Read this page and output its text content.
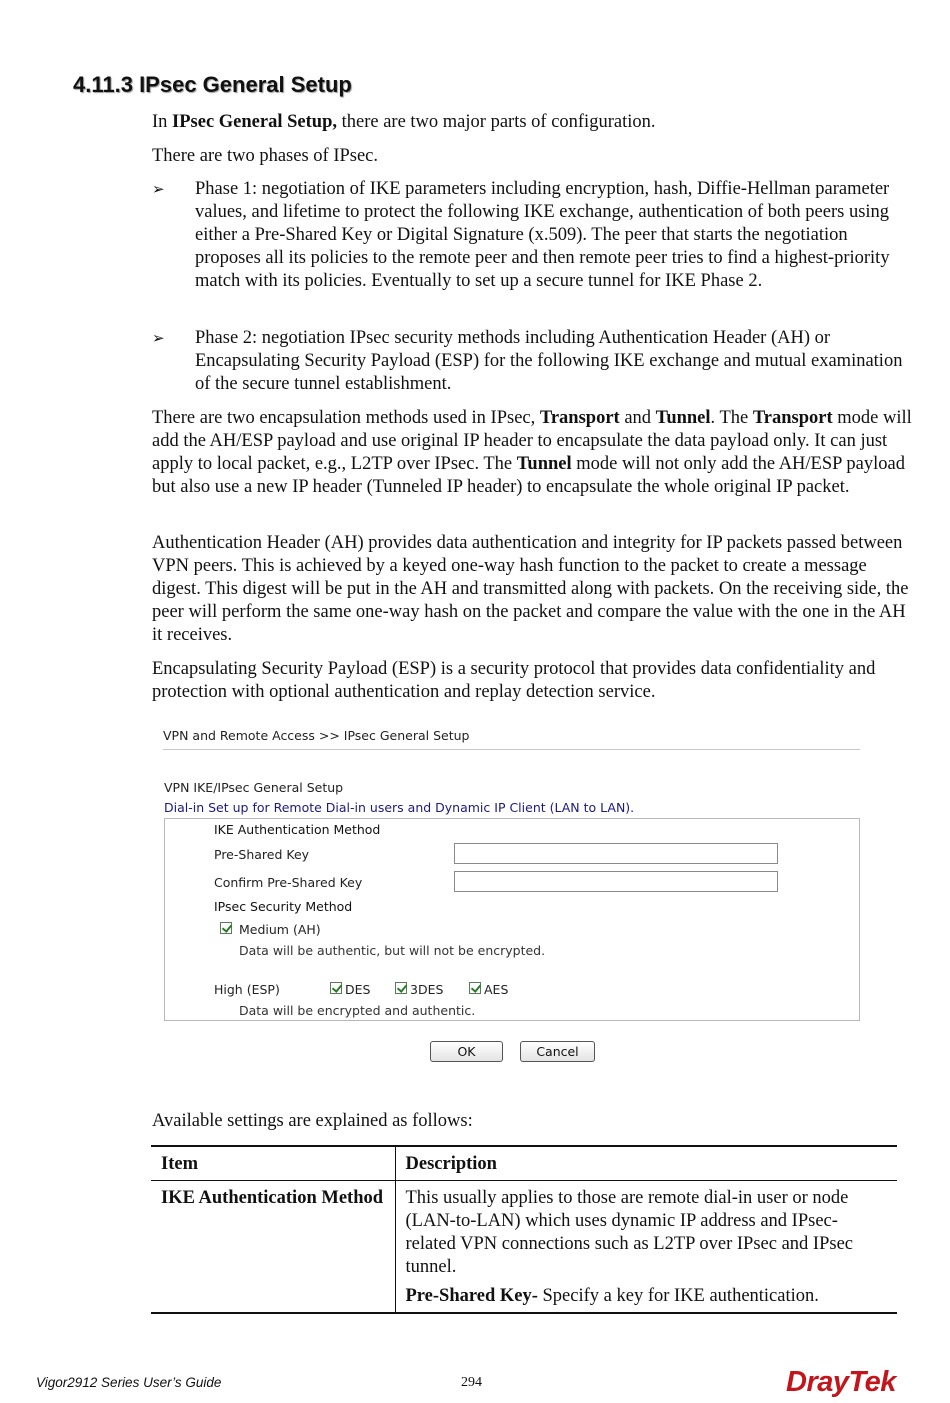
4.11.3 IPsec General Setup

In IPsec General Setup, there are two major parts of configuration.

There are two phases of IPsec.

➢ Phase 1: negotiation of IKE parameters including encryption, hash, Diffie-Hellman parameter values, and lifetime to protect the following IKE exchange, authentication of both peers using either a Pre-Shared Key or Digital Signature (x.509). The peer that starts the negotiation proposes all its policies to the remote peer and then remote peer tries to find a highest-priority match with its policies. Eventually to set up a secure tunnel for IKE Phase 2.
➢ Phase 2: negotiation IPsec security methods including Authentication Header (AH) or Encapsulating Security Payload (ESP) for the following IKE exchange and mutual examination of the secure tunnel establishment.

There are two encapsulation methods used in IPsec, Transport and Tunnel. The Transport mode will add the AH/ESP payload and use original IP header to encapsulate the data payload only. It can just apply to local packet, e.g., L2TP over IPsec. The Tunnel mode will not only add the AH/ESP payload but also use a new IP header (Tunneled IP header) to encapsulate the whole original IP packet.

Authentication Header (AH) provides data authentication and integrity for IP packets passed between VPN peers. This is achieved by a keyed one-way hash function to the packet to create a message digest. This digest will be put in the AH and transmitted along with packets. On the receiving side, the peer will perform the same one-way hash on the packet and compare the value with the one in the AH it receives.

Encapsulating Security Payload (ESP) is a security protocol that provides data confidentiality and protection with optional authentication and replay detection service.

VPN and Remote Access >> IPsec General Setup
VPN IKE/IPsec General Setup
Dial-in Set up for Remote Dial-in users and Dynamic IP Client (LAN to LAN).
IKE Authentication Method
Pre-Shared Key
Confirm Pre-Shared Key
IPsec Security Method
Medium (AH)
Data will be authentic, but will not be encrypted.
High (ESP)	DES	3DES	AES
Data will be encrypted and authentic.
OK	Cancel

Available settings are explained as follows:

Item	Description
IKE Authentication Method	This usually applies to those are remote dial-in user or node (LAN-to-LAN) which uses dynamic IP address and IPsec-related VPN connections such as L2TP over IPsec and IPsec tunnel.
Pre-Shared Key- Specify a key for IKE authentication.
Vigor2912 Series User’s Guide	294	DrayTek
